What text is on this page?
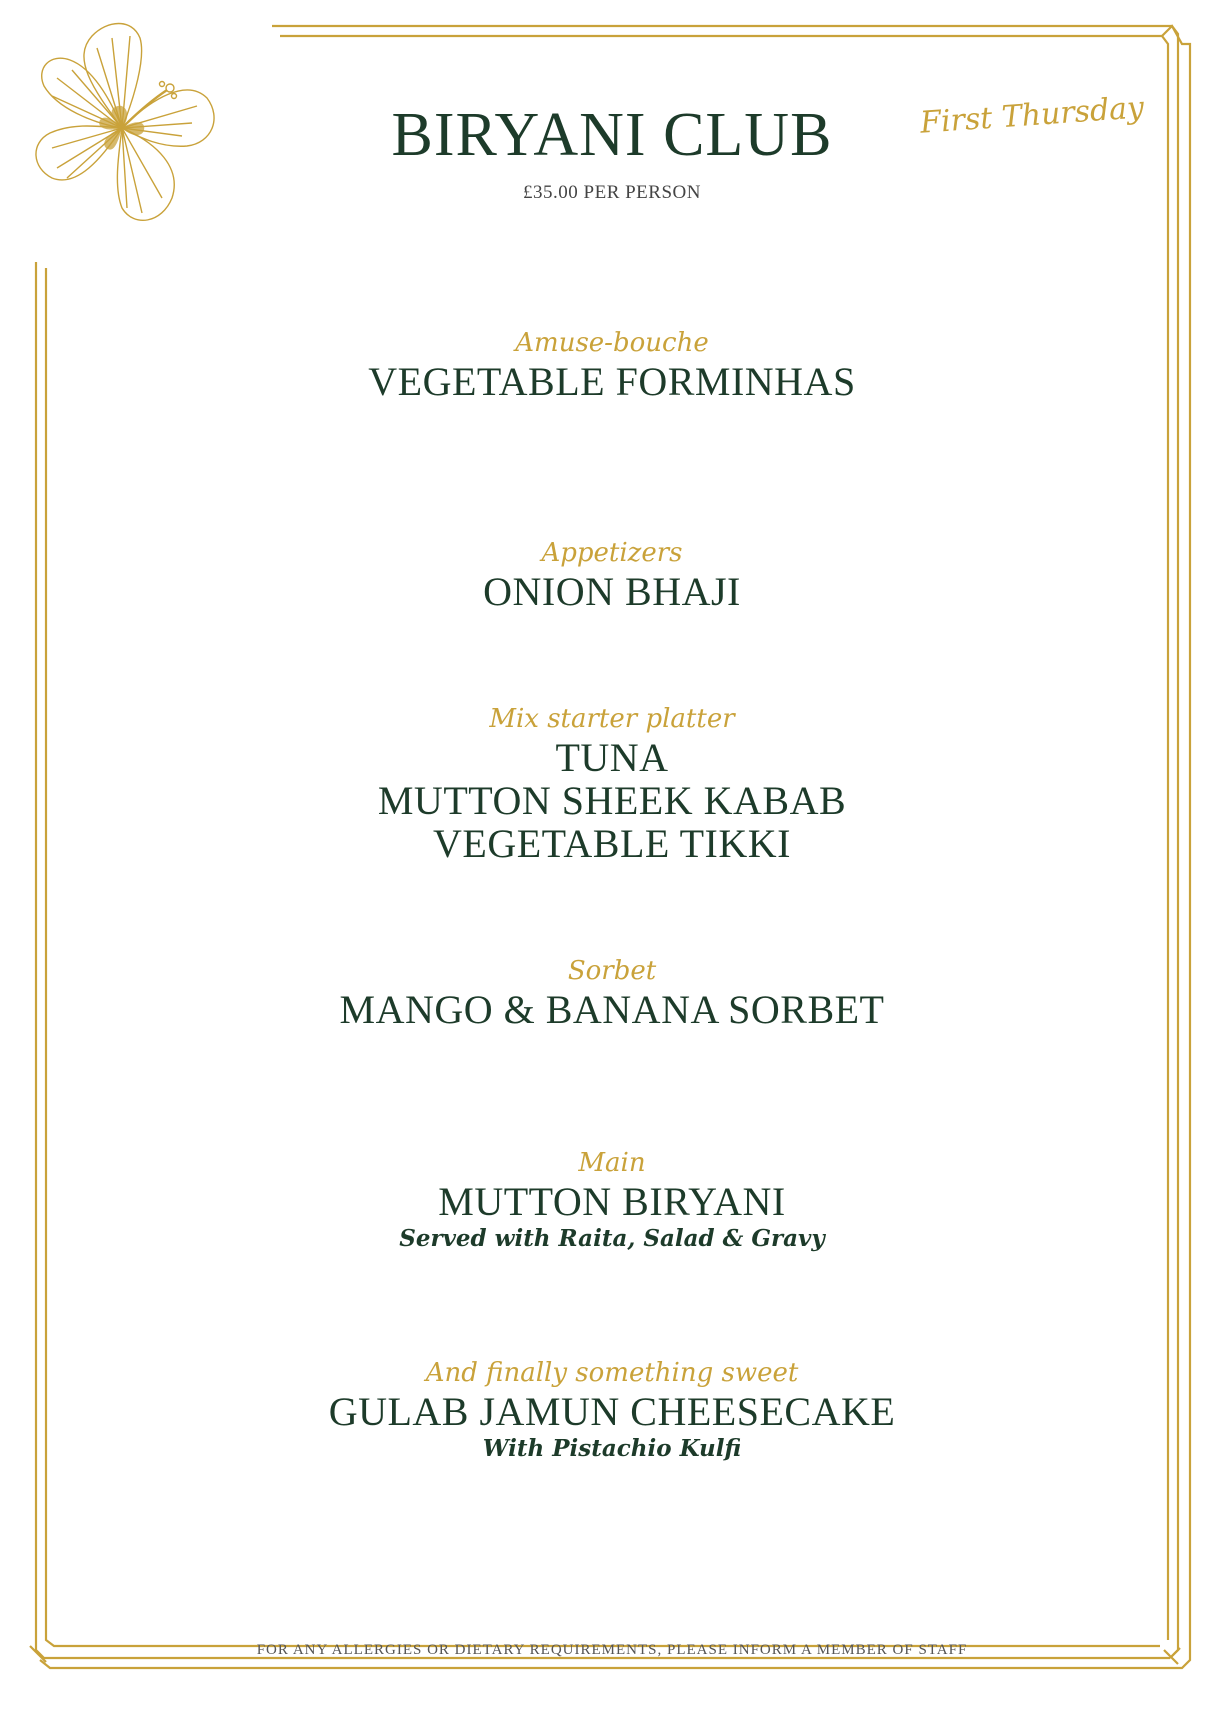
BIRYANI CLUB
£35.00 PER PERSON
First Thursday
Amuse-bouche
VEGETABLE FORMINHAS
Appetizers
ONION BHAJI
Mix starter platter
TUNA
MUTTON SHEEK KABAB
VEGETABLE TIKKI
Sorbet
MANGO & BANANA SORBET
Main
MUTTON BIRYANI
Served with Raita, Salad & Gravy
And finally something sweet
GULAB JAMUN CHEESECAKE
With Pistachio Kulfi
FOR ANY ALLERGIES OR DIETARY REQUIREMENTS, PLEASE INFORM A MEMBER OF STAFF
